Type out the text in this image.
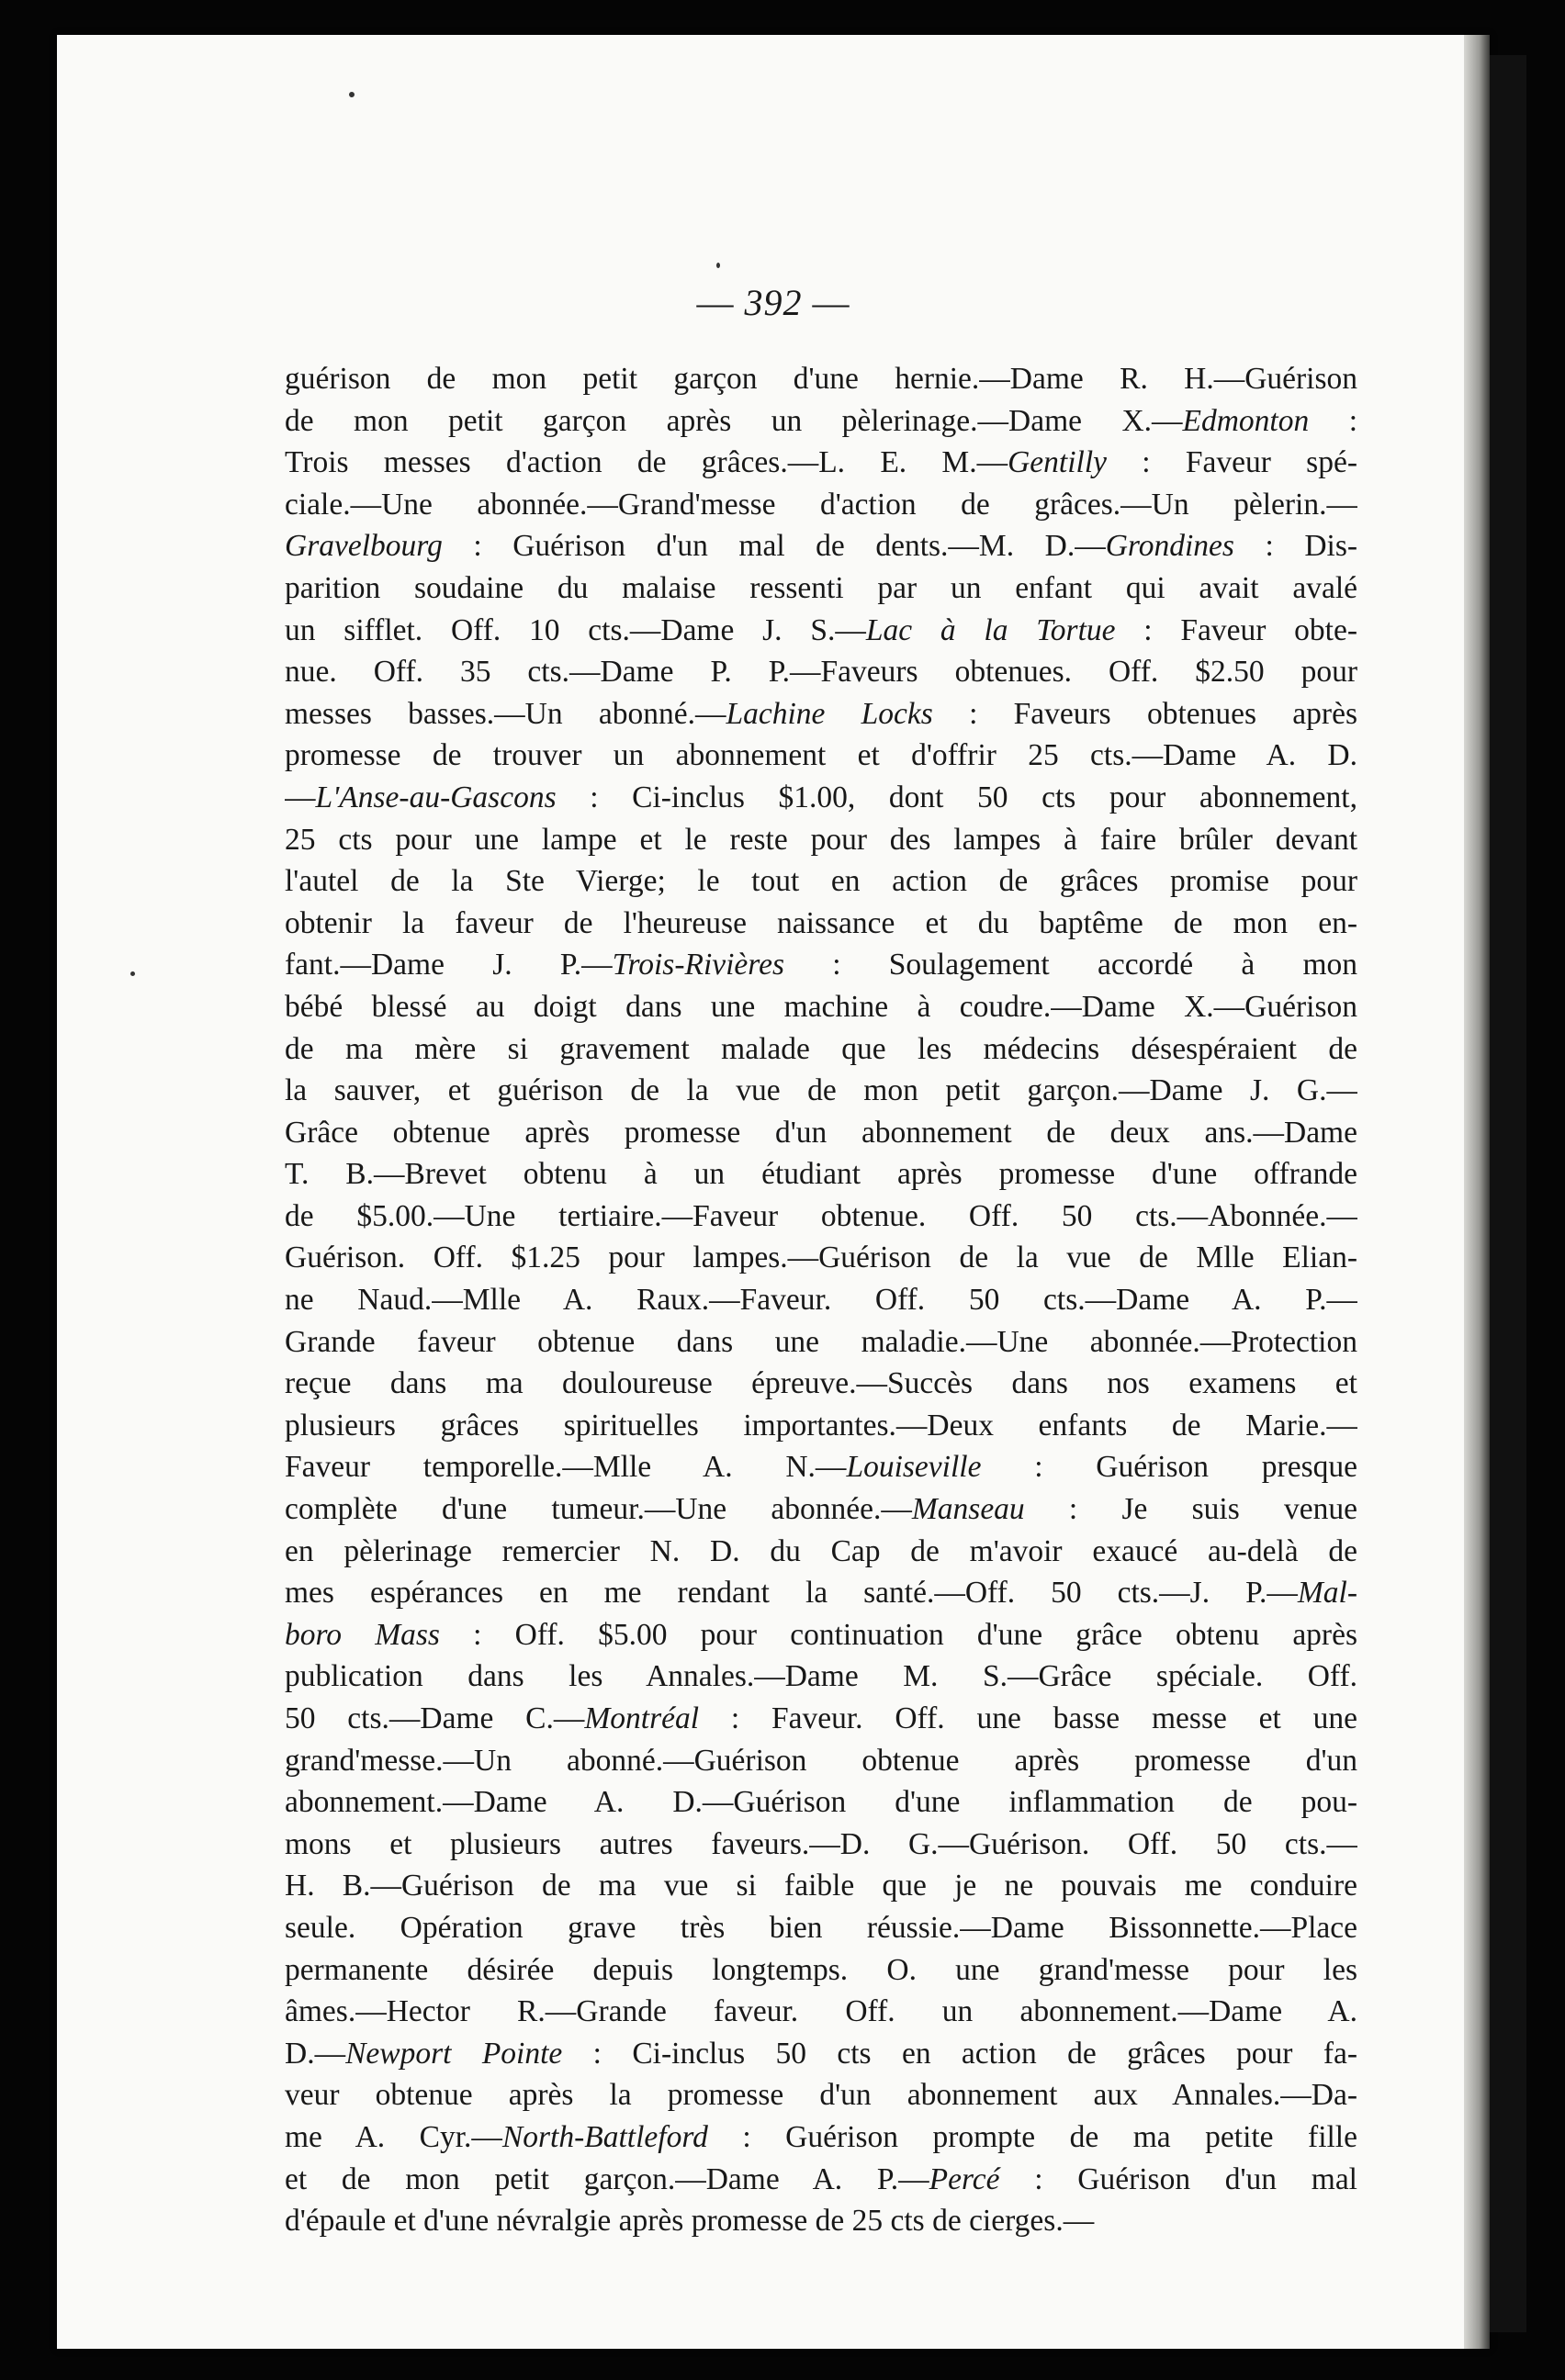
— 392 —
guérison de mon petit garçon d'une hernie.—Dame R. H.—Guérison
de mon petit garçon après un pèlerinage.—Dame X.—Edmonton :
Trois messes d'action de grâces.—L. E. M.—Gentilly : Faveur spé-
ciale.—Une abonnée.—Grand'messe d'action de grâces.—Un pèlerin.—
Gravelbourg : Guérison d'un mal de dents.—M. D.—Grondines : Dis-
parition soudaine du malaise ressenti par un enfant qui avait avalé
un sifflet. Off. 10 cts.—Dame J. S.—Lac à la Tortue : Faveur obte-
nue. Off. 35 cts.—Dame P. P.—Faveurs obtenues. Off. $2.50 pour
messes basses.—Un abonné.—Lachine Locks : Faveurs obtenues après
promesse de trouver un abonnement et d'offrir 25 cts.—Dame A. D.
—L'Anse-au-Gascons : Ci-inclus $1.00, dont 50 cts pour abonnement,
25 cts pour une lampe et le reste pour des lampes à faire brûler devant
l'autel de la Ste Vierge; le tout en action de grâces promise pour
obtenir la faveur de l'heureuse naissance et du baptême de mon en-
fant.—Dame J. P.—Trois-Rivières : Soulagement accordé à mon
bébé blessé au doigt dans une machine à coudre.—Dame X.—Guérison
de ma mère si gravement malade que les médecins désespéraient de
la sauver, et guérison de la vue de mon petit garçon.—Dame J. G.—
Grâce obtenue après promesse d'un abonnement de deux ans.—Dame
T. B.—Brevet obtenu à un étudiant après promesse d'une offrande
de $5.00.—Une tertiaire.—Faveur obtenue. Off. 50 cts.—Abonnée.—
Guérison. Off. $1.25 pour lampes.—Guérison de la vue de Mlle Elian-
ne Naud.—Mlle A. Raux.—Faveur. Off. 50 cts.—Dame A. P.—
Grande faveur obtenue dans une maladie.—Une abonnée.—Protection
reçue dans ma douloureuse épreuve.—Succès dans nos examens et
plusieurs grâces spirituelles importantes.—Deux enfants de Marie.—
Faveur temporelle.—Mlle A. N.—Louiseville : Guérison presque
complète d'une tumeur.—Une abonnée.—Manseau : Je suis venue
en pèlerinage remercier N. D. du Cap de m'avoir exaucé au-delà de
mes espérances en me rendant la santé.—Off. 50 cts.—J. P.—Mal-
boro Mass : Off. $5.00 pour continuation d'une grâce obtenu après
publication dans les Annales.—Dame M. S.—Grâce spéciale. Off.
50 cts.—Dame C.—Montréal : Faveur. Off. une basse messe et une
grand'messe.—Un abonné.—Guérison obtenue après promesse d'un
abonnement.—Dame A. D.—Guérison d'une inflammation de pou-
mons et plusieurs autres faveurs.—D. G.—Guérison. Off. 50 cts.—
H. B.—Guérison de ma vue si faible que je ne pouvais me conduire
seule. Opération grave très bien réussie.—Dame Bissonnette.—Place
permanente désirée depuis longtemps. O. une grand'messe pour les
âmes.—Hector R.—Grande faveur. Off. un abonnement.—Dame A.
D.—Newport Pointe : Ci-inclus 50 cts en action de grâces pour fa-
veur obtenue après la promesse d'un abonnement aux Annales.—Da-
me A. Cyr.—North-Battleford : Guérison prompte de ma petite fille
et de mon petit garçon.—Dame A. P.—Percé : Guérison d'un mal
d'épaule et d'une névralgie après promesse de 25 cts de cierges.—
